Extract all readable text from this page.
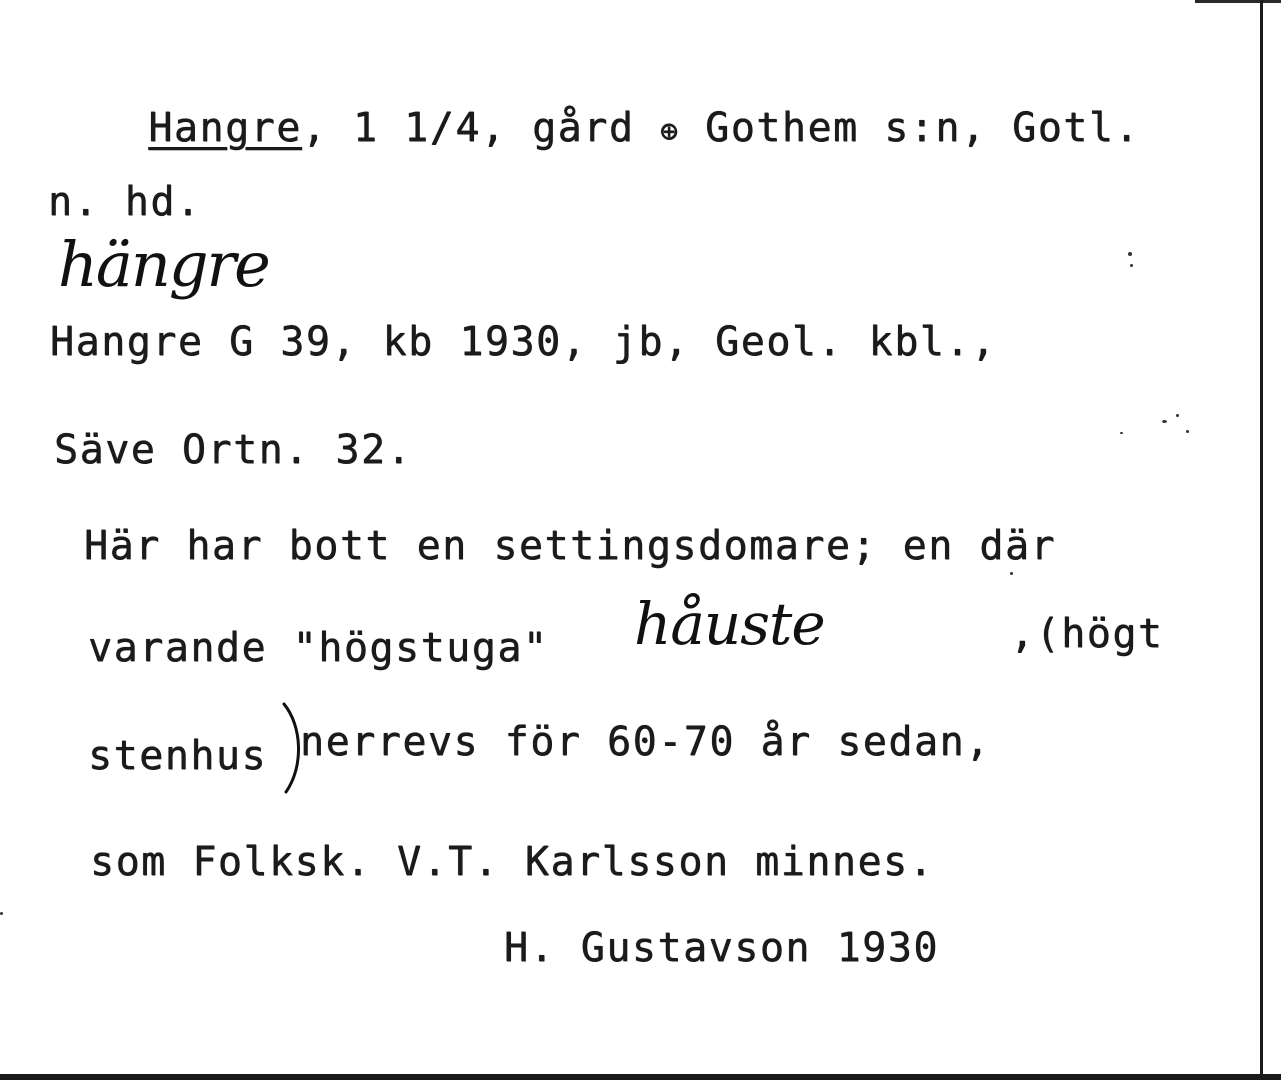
Hangre, 1 1/4, gård ⊕ Gothem s:n, Gotl.

n. hd.
hängre
Hangre G 39, kb 1930, jb, Geol. kbl.,
Säve Ortn. 32.
Här har bott en settingsdomare; en där
varande "högstuga" håuste	,(högt
stenhus nerrevs för 60-70 år sedan,
som Folksk. V.T. Karlsson minnes.
H. Gustavson 1930
